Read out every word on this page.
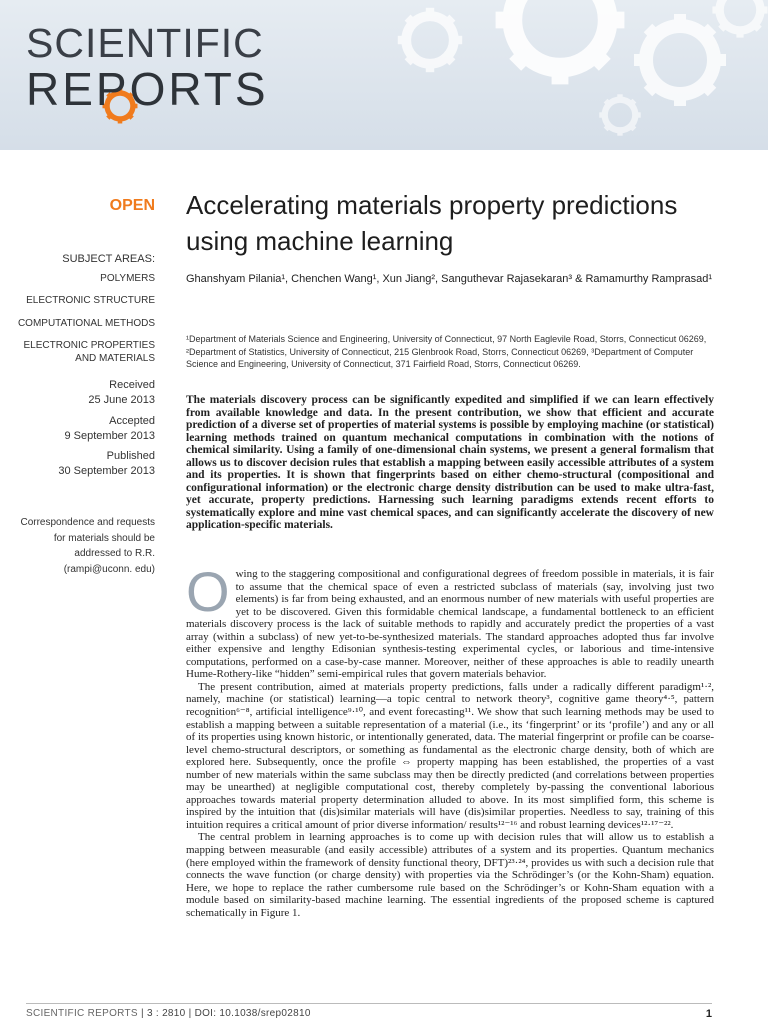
SCIENTIFIC
REPORTS
OPEN
SUBJECT AREAS:
POLYMERS
ELECTRONIC STRUCTURE
COMPUTATIONAL METHODS
ELECTRONIC PROPERTIES AND MATERIALS
Received
25 June 2013
Accepted
9 September 2013
Published
30 September 2013
Correspondence and requests for materials should be addressed to R.R. (rampi@uconn. edu)
Accelerating materials property predictions using machine learning
Ghanshyam Pilania¹, Chenchen Wang¹, Xun Jiang², Sanguthevar Rajasekaran³ & Ramamurthy Ramprasad¹
¹Department of Materials Science and Engineering, University of Connecticut, 97 North Eaglevile Road, Storrs, Connecticut 06269, ²Department of Statistics, University of Connecticut, 215 Glenbrook Road, Storrs, Connecticut 06269, ³Department of Computer Science and Engineering, University of Connecticut, 371 Fairfield Road, Storrs, Connecticut 06269.
The materials discovery process can be significantly expedited and simplified if we can learn effectively from available knowledge and data. In the present contribution, we show that efficient and accurate prediction of a diverse set of properties of material systems is possible by employing machine (or statistical) learning methods trained on quantum mechanical computations in combination with the notions of chemical similarity. Using a family of one-dimensional chain systems, we present a general formalism that allows us to discover decision rules that establish a mapping between easily accessible attributes of a system and its properties. It is shown that fingerprints based on either chemo-structural (compositional and configurational information) or the electronic charge density distribution can be used to make ultra-fast, yet accurate, property predictions. Harnessing such learning paradigms extends recent efforts to systematically explore and mine vast chemical spaces, and can significantly accelerate the discovery of new application-specific materials.

Owing to the staggering compositional and configurational degrees of freedom possible in materials, it is fair to assume that the chemical space of even a restricted subclass of materials (say, involving just two elements) is far from being exhausted, and an enormous number of new materials with useful properties are yet to be discovered. Given this formidable chemical landscape, a fundamental bottleneck to an efficient materials discovery process is the lack of suitable methods to rapidly and accurately predict the properties of a vast array (within a subclass) of new yet-to-be-synthesized materials. The standard approaches adopted thus far involve either expensive and lengthy Edisonian synthesis-testing experimental cycles, or laborious and time-intensive computations, performed on a case-by-case manner. Moreover, neither of these approaches is able to readily unearth Hume-Rothery-like “hidden” semi-empirical rules that govern materials behavior.

The present contribution, aimed at materials property predictions, falls under a radically different paradigm¹·², namely, machine (or statistical) learning—a topic central to network theory³, cognitive game theory⁴·⁵, pattern recognition⁶⁻⁸, artificial intelligence⁹·¹⁰, and event forecasting¹¹. We show that such learning methods may be used to establish a mapping between a suitable representation of a material (i.e., its ‘fingerprint’ or its ‘profile’) and any or all of its properties using known historic, or intentionally generated, data. The material fingerprint or profile can be coarse-level chemo-structural descriptors, or something as fundamental as the electronic charge density, both of which are explored here. Subsequently, once the profile ⇔ property mapping has been established, the properties of a vast number of new materials within the same subclass may then be directly predicted (and correlations between properties may be unearthed) at negligible computational cost, thereby completely by-passing the conventional laborious approaches towards material property determination alluded to above. In its most simplified form, this scheme is inspired by the intuition that (dis)similar materials will have (dis)similar properties. Needless to say, training of this intuition requires a critical amount of prior diverse information/ results¹²⁻¹⁶ and robust learning devices¹²·¹⁷⁻²².

The central problem in learning approaches is to come up with decision rules that will allow us to establish a mapping between measurable (and easily accessible) attributes of a system and its properties. Quantum mechanics (here employed within the framework of density functional theory, DFT)²³·²⁴, provides us with such a decision rule that connects the wave function (or charge density) with properties via the Schrödinger’s (or the Kohn-Sham) equation. Here, we hope to replace the rather cumbersome rule based on the Schrödinger’s or Kohn-Sham equation with a module based on similarity-based machine learning. The essential ingredients of the proposed scheme is captured schematically in Figure 1.

SCIENTIFIC REPORTS | 3 : 2810 | DOI: 10.1038/srep02810	1
